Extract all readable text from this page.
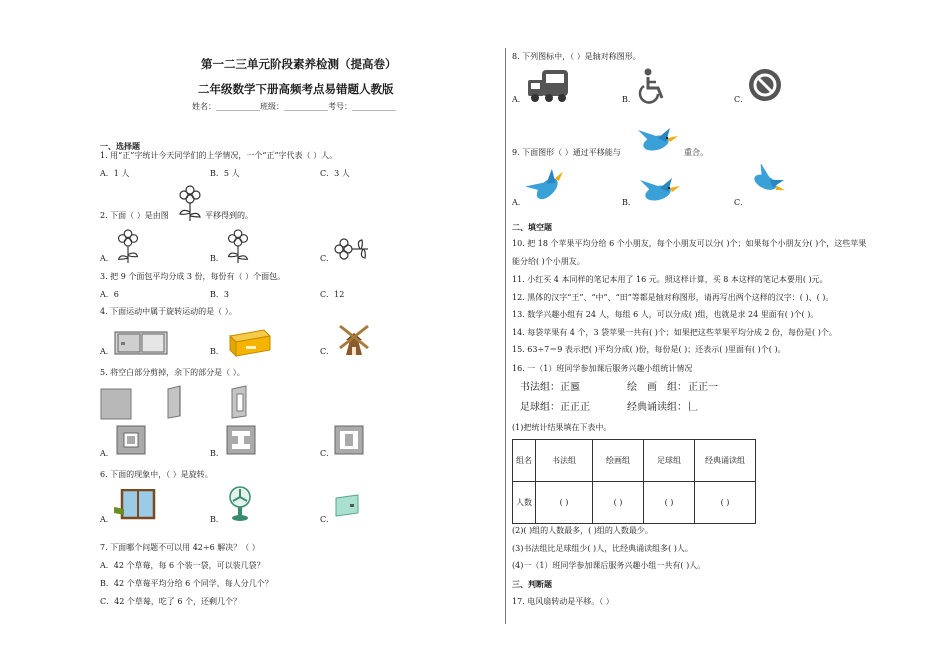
第一二三单元阶段素养检测（提高卷）
二年级数学下册高频考点易错题人教版
姓名：___________班级：___________考号：___________
一、选择题
1. 用“正”字统计今天同学们的上学情况，一个“正”字代表（ ）人。
A．1 人	B．5 人	C．3 人
2. 下面（ ）是由图	平移得到的。
A．	B．	C．
3. 把 9 个面包平均分成 3 份，每份有（ ）个面包。
A．6	B．3	C．12
4. 下面运动中属于旋转运动的是（ ）。
A．	B．	C．
5. 将空白部分剪掉，余下的部分是（ ）。
A．	B．	C．
6. 下面的现象中，（ ）是旋转。
A．	B．	C．
7. 下面哪个问题不可以用 42÷6 解决？（ ）
A．42 个草莓，每 6 个装一袋，可以装几袋？
B．42 个草莓平均分给 6 个同学，每人分几个？
C．42 个草莓，吃了 6 个，还剩几个？
8. 下列图标中，（ ）是轴对称图形。
A．	B．	C．
9. 下面图形（ ）通过平移能与	重合。
A．	B．	C．
二、填空题
10. 把 18 个苹果平均分给 6 个小朋友，每个小朋友可以分( )个；如果每个小朋友分( )个，这些苹果
能分给( )个小朋友。
11. 小红买 4 本同样的笔记本用了 16 元。照这样计算，买 8 本这样的笔记本要用( )元。
12. 黑体的汉字“王”、“中”、“田”等都是轴对称图形，请再写出两个这样的汉字：( )、( )。
13. 数学兴趣小组有 24 人，每组 6 人，可以分成( )组，也就是求 24 里面有( )个( )。
14. 每袋苹果有 4 个，3 袋苹果一共有( )个；如果把这些苹果平均分成 2 份，每份是( )个。
15. 63÷7＝9 表示把( )平均分成( )份，每份是( )；还表示( )里面有( )个( )。
16. 一（1）班同学参加课后服务兴趣小组统计情况
书法组： 正𠄢	绘　画　组： 正正一
足球组： 正正正	经典诵读组： 𠃊
(1)把统计结果填在下表中。
组名	书法组	绘画组	足球组	经典诵读组
人数	( )	( )	( )	( )
(2)( )组的人数最多，( )组的人数最少。
(3)书法组比足球组少( )人，比经典诵读组多( )人。
(4)一（1）班同学参加课后服务兴趣小组一共有( )人。
三、判断题
17. 电风扇转动是平移。（ ）
